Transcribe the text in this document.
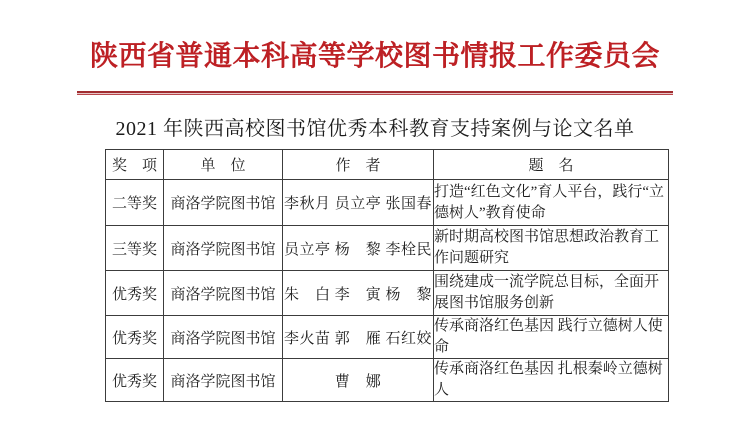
陕西省普通本科高等学校图书情报工作委员会
2021 年陕西高校图书馆优秀本科教育支持案例与论文名单
奖　项	单　位	作　者	题　名
二等奖	商洛学院图书馆	李秋月 员立亭 张国春	打造“红色文化”育人平台，践行“立德树人”教育使命
三等奖	商洛学院图书馆	员立亭 杨　黎 李栓民	新时期高校图书馆思想政治教育工作问题研究
优秀奖	商洛学院图书馆	朱　白 李　寅 杨　黎	围绕建成一流学院总目标，全面开展图书馆服务创新
优秀奖	商洛学院图书馆	李火苗 郭　雁 石红姣	传承商洛红色基因 践行立德树人使命
优秀奖	商洛学院图书馆	曹　娜	传承商洛红色基因 扎根秦岭立德树人
